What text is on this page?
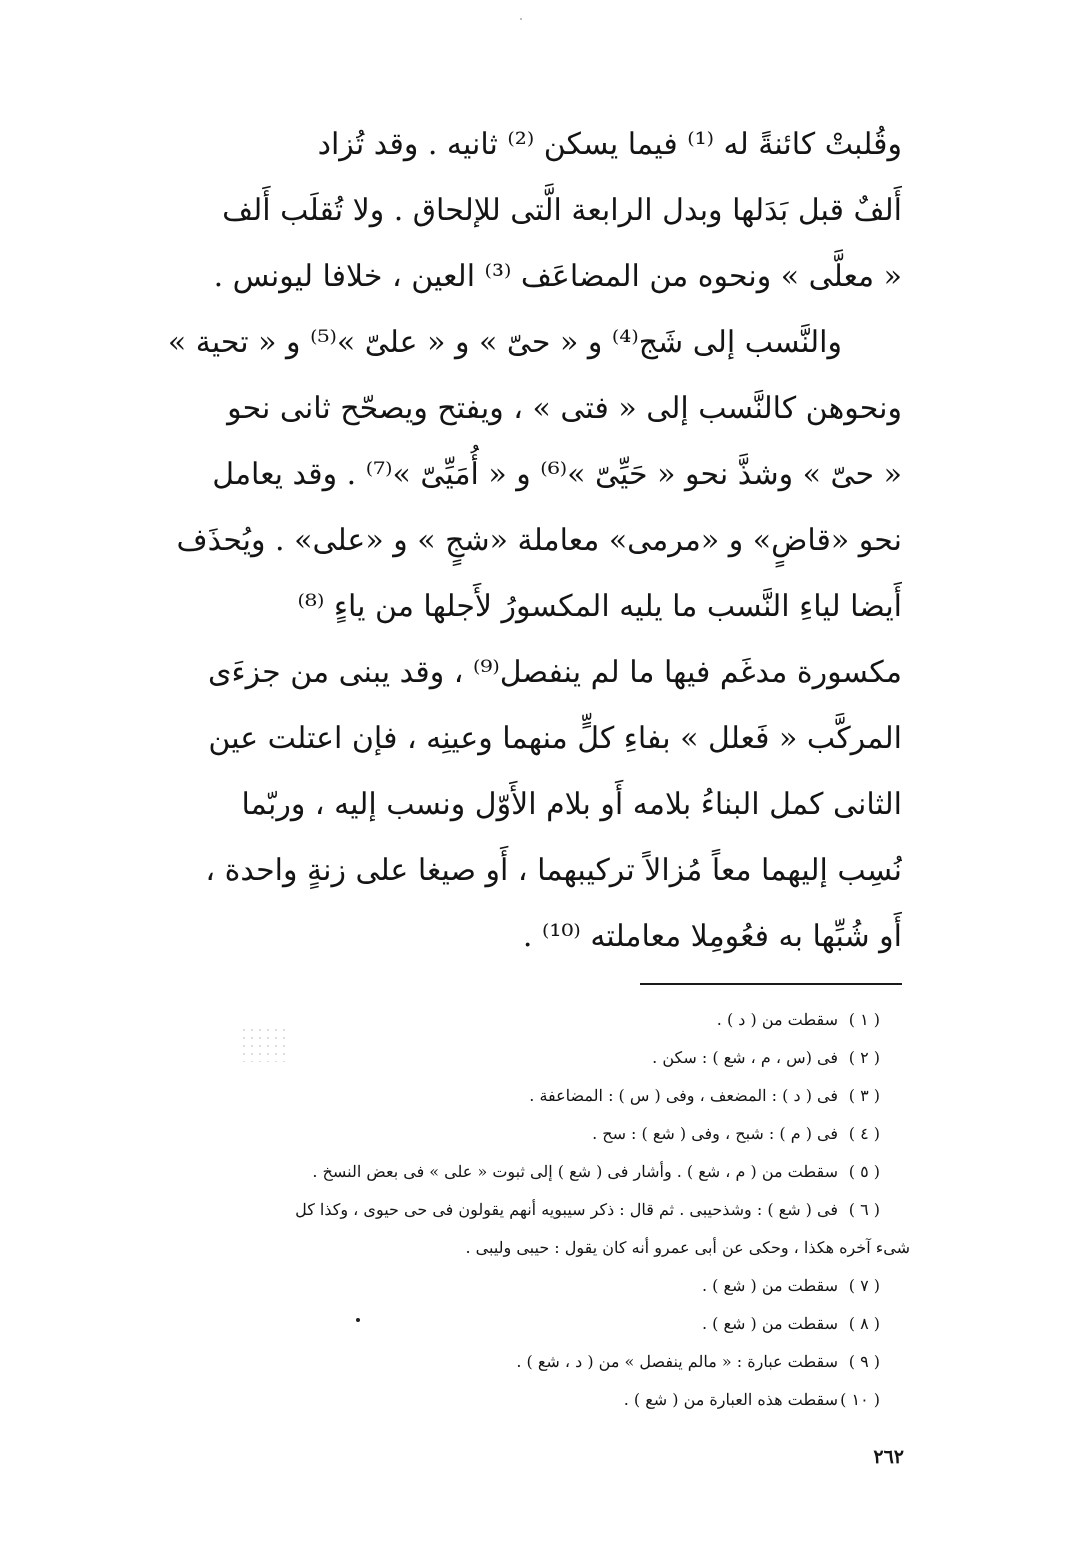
وقُلبتْ كائنةً له ⁽¹⁾ فيما يسكن ⁽²⁾ ثانيه . وقد تُزاد
أَلفٌ قبل بَدَلها وبدل الرابعة الَّتى للإلحاق . ولا تُقلَب أَلف
« معلَّى » ونحوه من المضاعَف ⁽³⁾ العين ، خلافا ليونس .
والنَّسب إلى شَج⁽⁴⁾ و « حىّ » و « علىّ »⁽⁵⁾ و « تحية »
ونحوهن كالنَّسب إلى « فتى » ، ويفتح ويصحّح ثانى نحو
« حىّ » وشذَّ نحو « حَيِّىّ »⁽⁶⁾ و « أُمَيِّىّ »⁽⁷⁾ . وقد يعامل
نحو «قاضٍ» و «مرمى» معاملة «شجٍ » و «على» . ويُحذَف
أَيضا لياءِ النَّسب ما يليه المكسورُ لأَجلها من ياءٍ ⁽⁸⁾
مكسورة مدغَم فيها ما لم ينفصل⁽⁹⁾ ، وقد يبنى من جزءَى
المركَّب « فَعلل » بفاءِ كلٍّ منهما وعينِه ، فإن اعتلت عين
الثانى كمل البناءُ بلامه أَو بلام الأَوّل ونسب إليه ، وربّما
نُسِب إليهما معاً مُزالاً تركيبهما ، أَو صيغا على زنةٍ واحدة ،
أَو شُبِّها به فعُومِلا معاملته ⁽¹⁰⁾ .
( ١ )
سقطت من ( د ) .
( ٢ )
فى (س ، م ، شع ) : سكن .
( ٣ )
فى ( د ) : المضعف ، وفى ( س ) : المضاعفة .
( ٤ )
فى ( م ) : شبح ، وفى ( شع ) : سح .
( ٥ )
سقطت من ( م ، شع ) . وأشار فى ( شع ) إلى ثبوت « على » فى بعض النسخ .
( ٦ )
فى ( شع ) : وشذحيبى . ثم قال : ذكر سيبويه أنهم يقولون فى حى حيوى ، وكذا كل
شىء آخره هكذا ، وحكى عن أبى عمرو أنه كان يقول : حيبى وليبى .
( ٧ )
سقطت من ( شع ) .
( ٨ )
سقطت من ( شع ) .
( ٩ )
سقطت عبارة : « مالم ينفصل » من ( د ، شع ) .
( ١٠ )
سقطت هذه العبارة من ( شع ) .
٢٦٢
